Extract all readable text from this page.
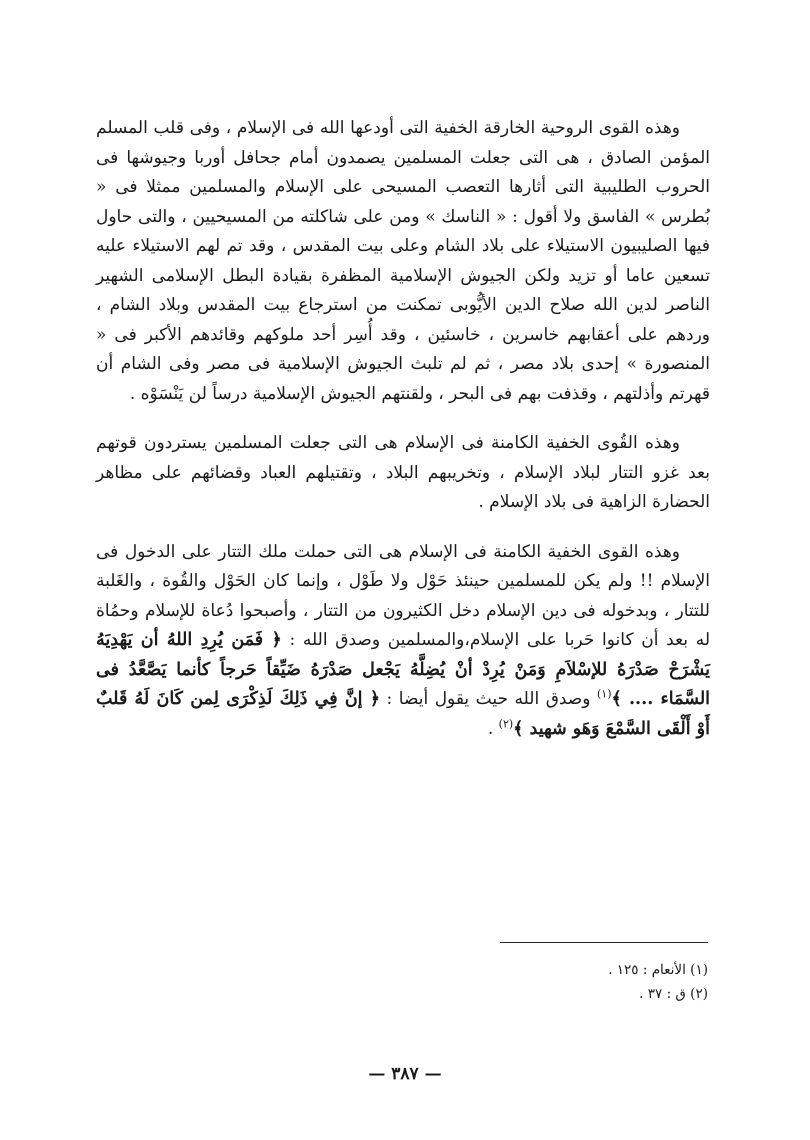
وهذه القوى الروحية الخارقة الخفية التى أودعها الله فى الإسلام ، وفى قلب المسلم المؤمن الصادق ، هى التى جعلت المسلمين يصمدون أمام جحافل أوربا وجيوشها فى الحروب الطليبية التى أثارها التعصب المسيحى على الإسلام والمسلمين ممثلا فى « بُطرس » الفاسق ولا أقول : « الناسك » ومن على شاكلته من المسيحيين ، والتى حاول فيها الصليبيون الاستيلاء على بلاد الشام وعلى بيت المقدس ، وقد تم لهم الاستيلاء عليه تسعين عاما أو تزيد ولكن الجيوش الإسلامية المظفرة بقيادة البطل الإسلامى الشهير الناصر لدين الله صلاح الدين الأيُّوبى تمكنت من استرجاع بيت المقدس وبلاد الشام ، وردهم على أعقابهم خاسرين ، خاسئين ، وقد أُسِر أحد ملوكهم وقائدهم الأكبر فى « المنصورة » إحدى بلاد مصر ، ثم لم تلبث الجيوش الإسلامية فى مصر وفى الشام أن قهرتم وأذلتهم ، وقذفت بهم فى البحر ، ولقنتهم الجيوش الإسلامية درساً لن يَنْسَوْه .

وهذه القُوى الخفية الكامنة فى الإسلام هى التى جعلت المسلمين يستردون قوتهم بعد غزو التتار لبلاد الإسلام ، وتخريبهم البلاد ، وتقتيلهم العباد وقضائهم على مظاهر الحضارة الزاهية فى بلاد الإسلام .

وهذه القوى الخفية الكامنة فى الإسلام هى التى حملت ملك التتار على الدخول فى الإسلام !! ولم يكن للمسلمين حينئذ حَوْل ولا طَوْل ، وإنما كان الحَوْل والقُوة ، والغَلبة للتتار ، وبدخوله فى دين الإسلام دخل الكثيرون من التتار ، وأصبحوا دُعاة للإسلام وحمُاة له بعد أن كانوا حَربا على الإسلام،والمسلمين وصدق الله : ﴿ فَمَن يُرِدِ اللهُ أن يَهْدِيَهُ يَشْرَحْ صَدْرَهُ للإسْلاَمِ وَمَنْ يُرِدْ أنْ يُضِلَّهُ يَجْعل صَدْرَهُ ضَيِّقاً حَرجاً كأنما يَصَّعَّدُ فى السَّمَاء .... ﴾$^{(١)}$ وصدق الله حيث يقول أيضا : ﴿ إنَّ فِي ذَلِكَ لَذِكْرَى لِمن كَانَ لَهُ قَلبٌ أَوْ أَلْقَى السَّمْعَ وَهَو شهيد ﴾$^{(٢)}$ .

(١) الأنعام : ١٢٥ .

(٢) ق : ٣٧ .

— ٣٨٧ —
